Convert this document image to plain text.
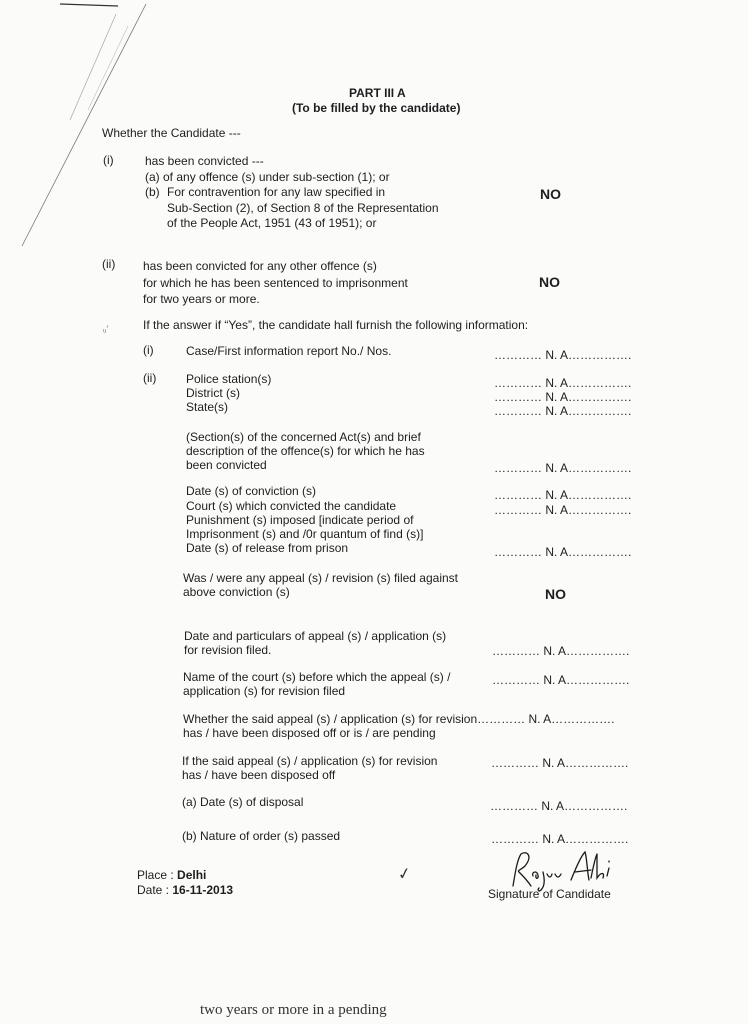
PART III A
(To be filled by the candidate)
Whether the Candidate ---
(i)	has been convicted ---
(a) of any offence (s) under sub-section (1); or
(b) For contravention for any law specified in
Sub-Section (2), of Section 8 of the Representation
of the People Act, 1951 (43 of 1951); or
NO
(ii) has been convicted for any other offence (s)
for which he has been sentenced to imprisonment
for two years or more.
NO
ᵤ′	If the answer if “Yes”, the candidate hall furnish the following information:
(i)	Case/First information report No./ Nos.	………… N. A…………….
(ii) Police station(s)	………… N. A…………….
District (s)	………… N. A…………….
State(s)	………… N. A…………….
(Section(s) of the concerned Act(s) and brief
description of the offence(s) for which he has
been convicted	………… N. A…………….
Date (s) of conviction (s)	………… N. A…………….
Court (s) which convicted the candidate	………… N. A…………….
Punishment (s) imposed [indicate period of
Imprisonment (s) and /0r quantum of find (s)]
Date (s) of release from prison	………… N. A…………….
Was / were any appeal (s) / revision (s) filed against
above conviction (s)	NO
Date and particulars of appeal (s) / application (s)
for revision filed.	………… N. A…………….
Name of the court (s) before which the appeal (s) /
application (s) for revision filed
………… N. A…………….
Whether the said appeal (s) / application (s) for revision………… N. A…………….
has / have been disposed off or is / are pending
If the said appeal (s) / application (s) for revision
has / have been disposed off
………… N. A…………….
(a) Date (s) of disposal	………… N. A…………….
(b) Nature of order (s) passed	………… N. A…………….
Place : Delhi
Date : 16-11-2013
✓
Signature of Candidate
two years or more in a pending
